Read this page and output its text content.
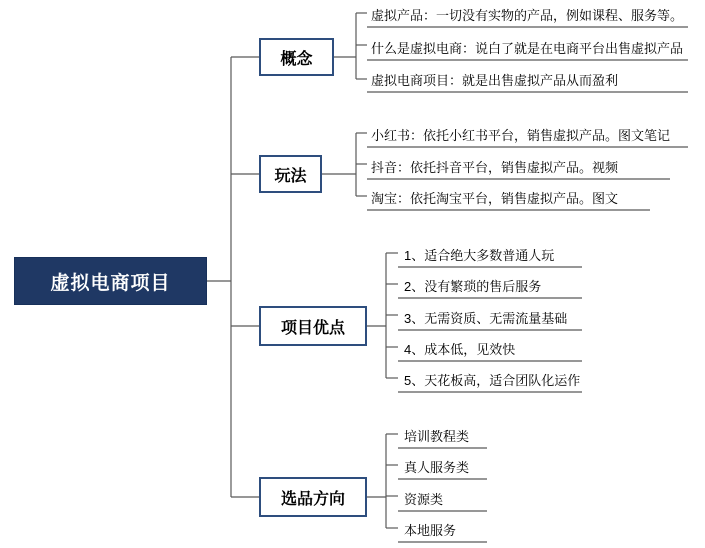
虚拟电商项目
概念
虚拟产品：一切没有实物的产品，例如课程、服务等。
什么是虚拟电商：说白了就是在电商平台出售虚拟产品
虚拟电商项目：就是出售虚拟产品从而盈利
玩法
小红书：依托小红书平台，销售虚拟产品。图文笔记
抖音：依托抖音平台，销售虚拟产品。视频
淘宝：依托淘宝平台，销售虚拟产品。图文
项目优点
1、适合绝大多数普通人玩
2、没有繁琐的售后服务
3、无需资质、无需流量基础
4、成本低，见效快
5、天花板高，适合团队化运作
选品方向
培训教程类
真人服务类
资源类
本地服务
